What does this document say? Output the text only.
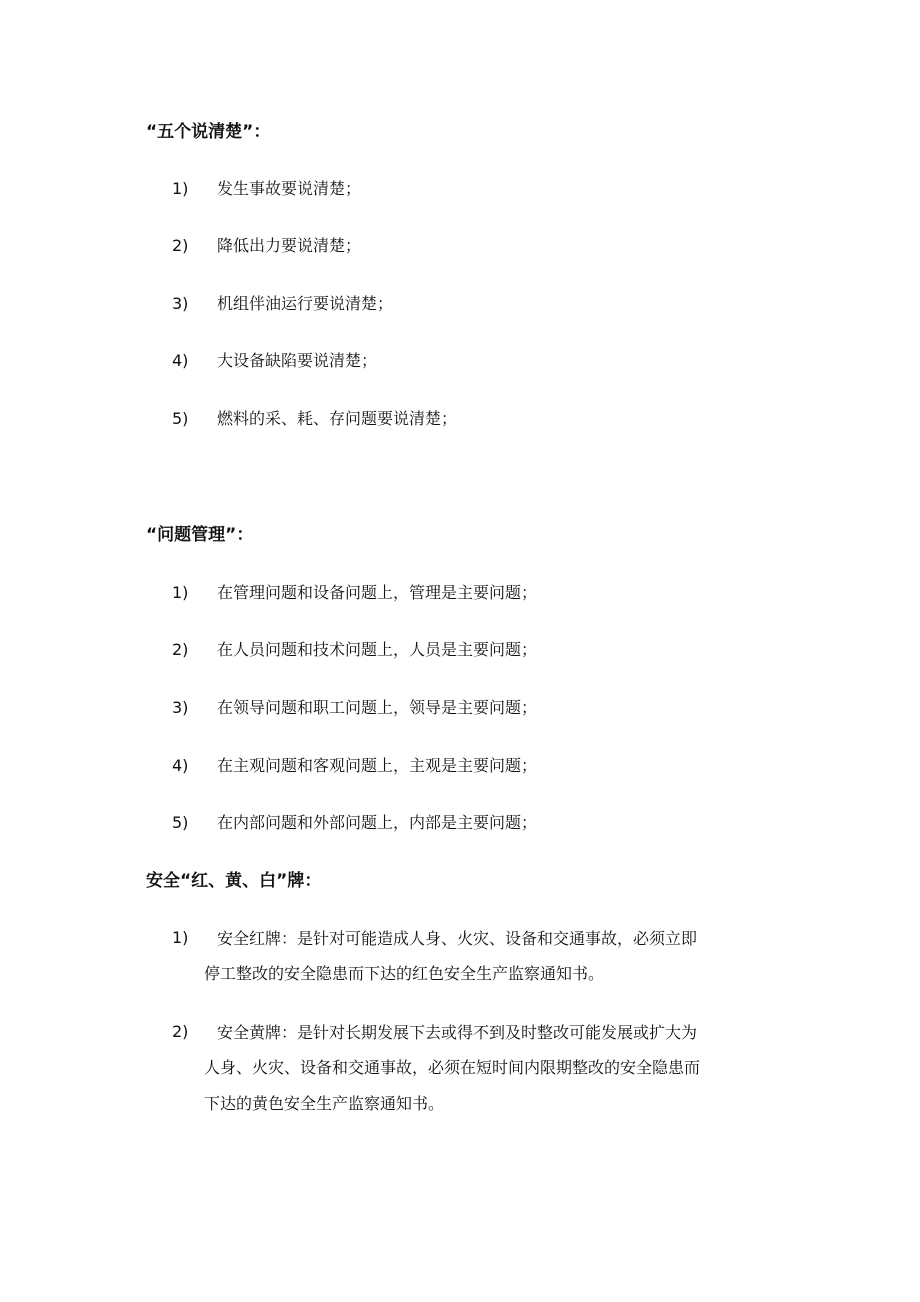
“五个说清楚”：
1) 发生事故要说清楚；
2) 降低出力要说清楚；
3) 机组伴油运行要说清楚；
4) 大设备缺陷要说清楚；
5) 燃料的采、耗、存问题要说清楚；
“问题管理”：
1) 在管理问题和设备问题上，管理是主要问题；
2) 在人员问题和技术问题上，人员是主要问题；
3) 在领导问题和职工问题上，领导是主要问题；
4) 在主观问题和客观问题上，主观是主要问题；
5) 在内部问题和外部问题上，内部是主要问题；
安全“红、黄、白”牌：
1) 安全红牌：是针对可能造成人身、火灾、设备和交通事故，必须立即
停工整改的安全隐患而下达的红色安全生产监察通知书。
2) 安全黄牌：是针对长期发展下去或得不到及时整改可能发展或扩大为
人身、火灾、设备和交通事故，必须在短时间内限期整改的安全隐患而
下达的黄色安全生产监察通知书。
